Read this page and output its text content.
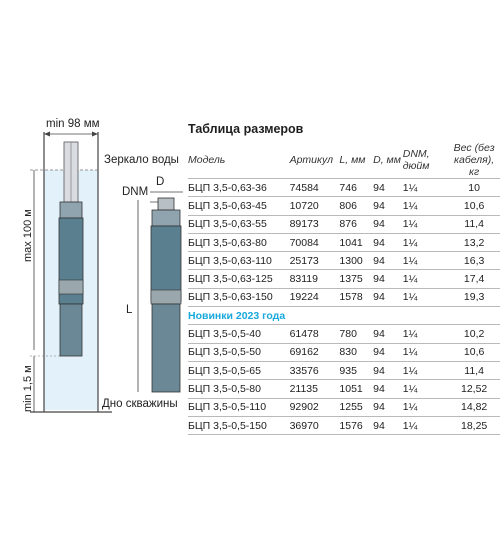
min 98 мм
Зеркало воды
max 100 м
min 1,5 м	Дно скважины
D
DNM
L
Таблица размеров
Модель	Артикул	L, мм	D, мм	DNM, дюйм	Вес (без кабеля), кг
БЦП 3,5-0,63-36	74584	746	94	1¼	10
БЦП 3,5-0,63-45	10720	806	94	1¼	10,6
БЦП 3,5-0,63-55	89173	876	94	1¼	11,4
БЦП 3,5-0,63-80	70084	1041	94	1¼	13,2
БЦП 3,5-0,63-110	25173	1300	94	1¼	16,3
БЦП 3,5-0,63-125	83119	1375	94	1¼	17,4
БЦП 3,5-0,63-150	19224	1578	94	1¼	19,3
Новинки 2023 года					
БЦП 3,5-0,5-40	61478	780	94	1¼	10,2
БЦП 3,5-0,5-50	69162	830	94	1¼	10,6
БЦП 3,5-0,5-65	33576	935	94	1¼	11,4
БЦП 3,5-0,5-80	21135	1051	94	1¼	12,52
БЦП 3,5-0,5-110	92902	1255	94	1¼	14,82
БЦП 3,5-0,5-150	36970	1576	94	1¼	18,25
